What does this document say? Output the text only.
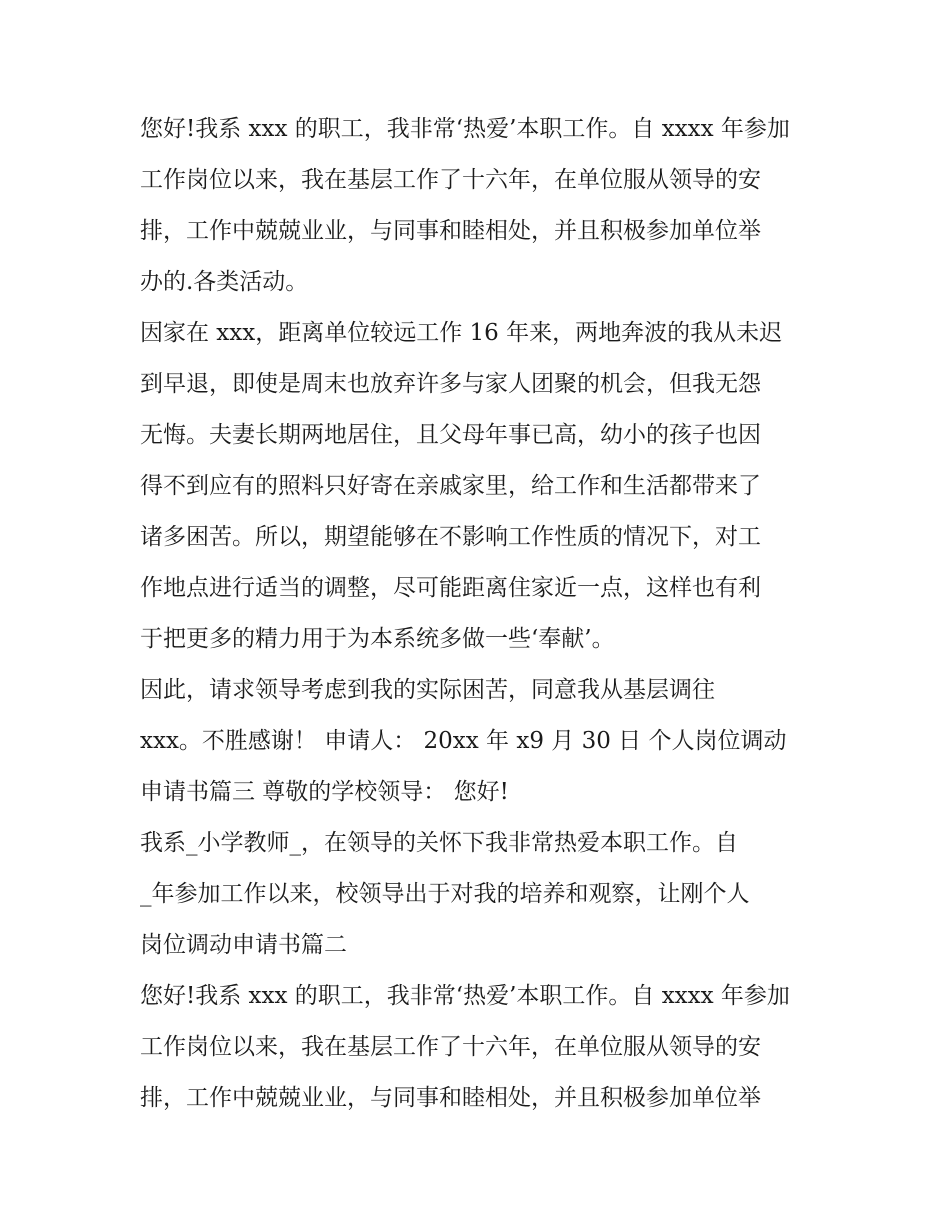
您好!我系 xxx 的职工，我非常‘热爱’本职工作。自 xxxx 年参加
工作岗位以来，我在基层工作了十六年，在单位服从领导的安
排，工作中兢兢业业，与同事和睦相处，并且积极参加单位举
办的.各类活动。
因家在 xxx，距离单位较远工作 16 年来，两地奔波的我从未迟
到早退，即使是周末也放弃许多与家人团聚的机会，但我无怨
无悔。夫妻长期两地居住，且父母年事已高，幼小的孩子也因
得不到应有的照料只好寄在亲戚家里，给工作和生活都带来了
诸多困苦。所以，期望能够在不影响工作性质的情况下，对工
作地点进行适当的调整，尽可能距离住家近一点，这样也有利
于把更多的精力用于为本系统多做一些‘奉献’。
因此，请求领导考虑到我的实际困苦，同意我从基层调往
xxx。不胜感谢！ 申请人： 20xx 年 x9 月 30 日 个人岗位调动
申请书篇三 尊敬的学校领导： 您好!
我系_小学教师_，在领导的关怀下我非常热爱本职工作。自
_年参加工作以来，校领导出于对我的培养和观察，让刚个人
岗位调动申请书篇二
您好!我系 xxx 的职工，我非常‘热爱’本职工作。自 xxxx 年参加
工作岗位以来，我在基层工作了十六年，在单位服从领导的安
排，工作中兢兢业业，与同事和睦相处，并且积极参加单位举
